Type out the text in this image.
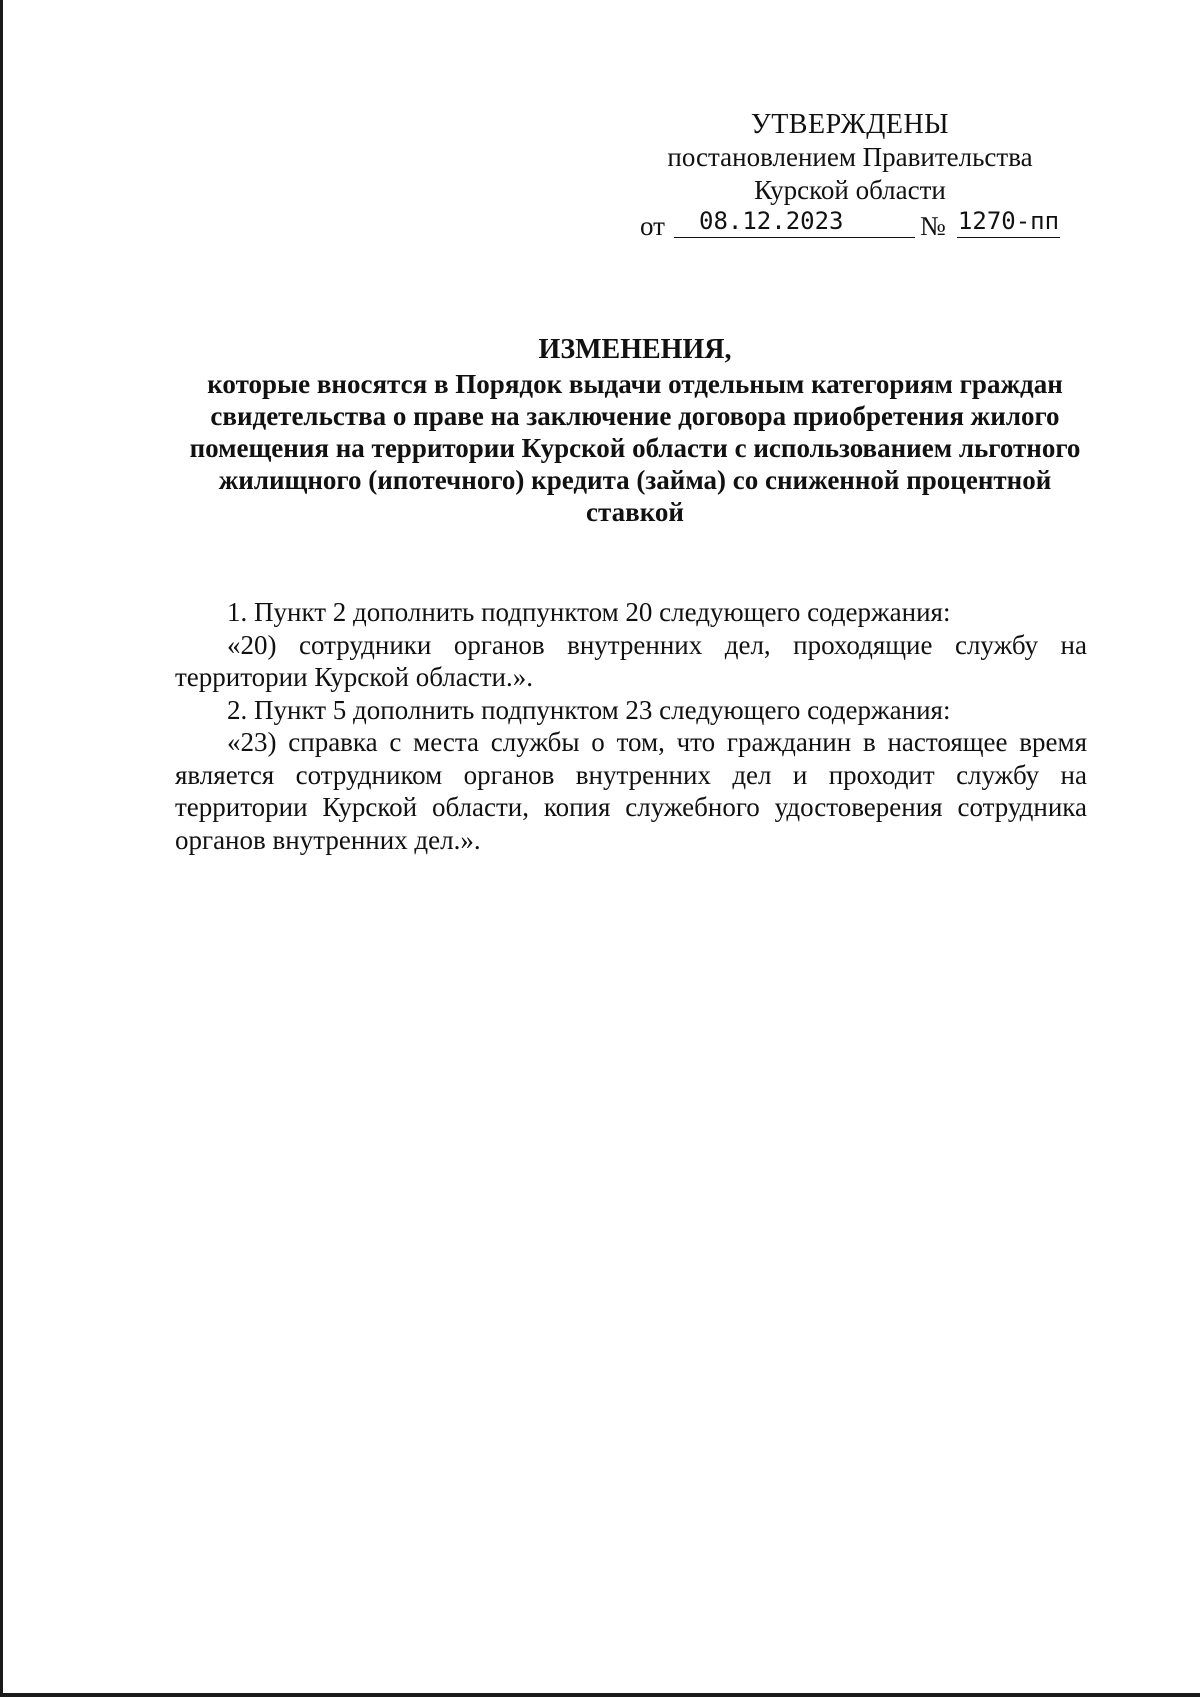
УТВЕРЖДЕНЫ
постановлением Правительства
Курской области
от	08.12.2023	№ 1270-пп
ИЗМЕНЕНИЯ,
которые вносятся в Порядок выдачи отдельным категориям граждан свидетельства о праве на заключение договора приобретения жилого помещения на территории Курской области с использованием льготного жилищного (ипотечного) кредита (займа) со сниженной процентной ставкой

1. Пункт 2 дополнить подпунктом 20 следующего содержания:

«20) сотрудники органов внутренних дел, проходящие службу на территории Курской области.».

2. Пункт 5 дополнить подпунктом 23 следующего содержания:

«23) справка с места службы о том, что гражданин в настоящее время является сотрудником органов внутренних дел и проходит службу на территории Курской области, копия служебного удостоверения сотрудника органов внутренних дел.».
